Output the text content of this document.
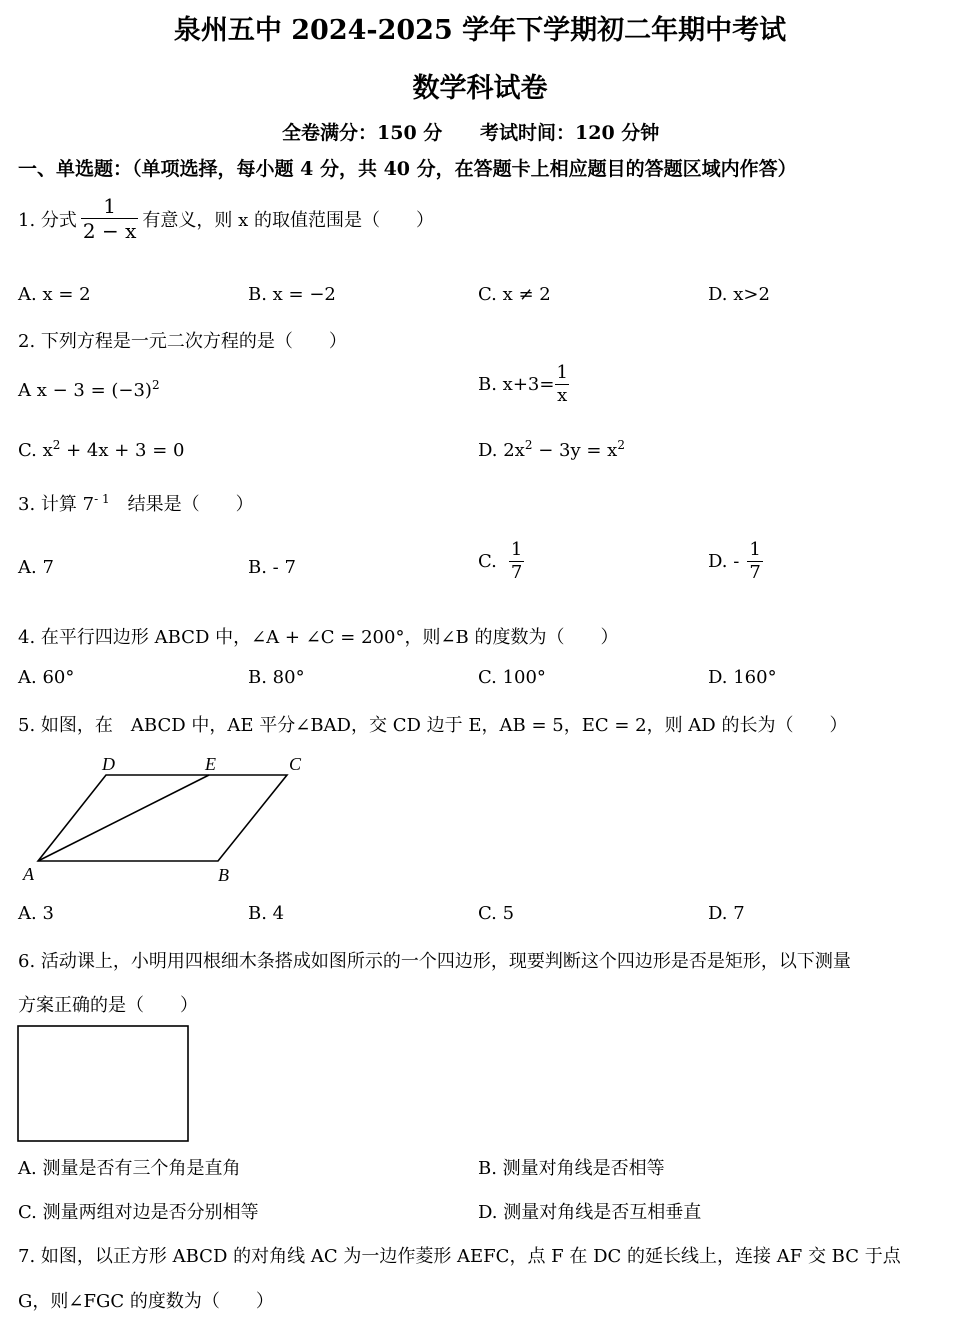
泉州五中 2024-2025 学年下学期初二年期中考试
数学科试卷
全卷满分：150 分 考试时间：120 分钟
一、单选题：（单项选择，每小题 4 分，共 40 分，在答题卡上相应题目的答题区域内作答）
1. 分式 $\frac{1}{2 - x}$ 有意义，则 x 的取值范围是（　　）
A. x = 2	B. x = −2	C. x ≠ 2	D. x>2
2. 下列方程是一元二次方程的是（　　）
A $x - 3 = (-3)^2$	B. $x+3= \frac{1}{x}$
C. $x^2 + 4x + 3 = 0$	D. $2x^2 - 3y = x^2$
3. 计算 $7^{- 1}$　结果是（　　）
A. 7	B. - 7	C. $\frac{1}{7}$	D. - $\frac{1}{7}$
4. 在平行四边形 ABCD 中，∠A + ∠C = 200°，则∠B 的度数为（　　）
A. 60°	B. 80°	C. 100°	D. 160°
5. 如图，在　ABCD 中，AE 平分∠BAD，交 CD 边于 E，AB = 5，EC = 2，则 AD 的长为（　　）
D	E	C
A	B
A. 3	B. 4	C. 5	D. 7
6. 活动课上，小明用四根细木条搭成如图所示的一个四边形，现要判断这个四边形是否是矩形，以下测量
方案正确的是（　　）
A. 测量是否有三个角是直角	B. 测量对角线是否相等
C. 测量两组对边是否分别相等	D. 测量对角线是否互相垂直
7. 如图，以正方形 ABCD 的对角线 AC 为一边作菱形 AEFC，点 F 在 DC 的延长线上，连接 AF 交 BC 于点
G，则∠FGC 的度数为（　　）
